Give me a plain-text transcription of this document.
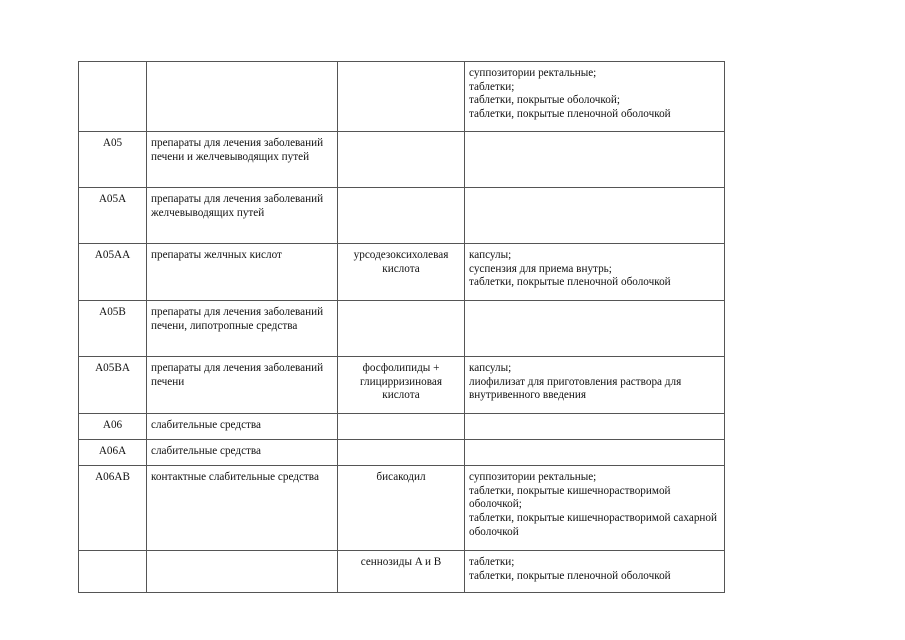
			суппозитории ректальные;
таблетки;
таблетки, покрытые оболочкой;
таблетки, покрытые пленочной оболочкой

A05	препараты для лечения заболеваний печени и желчевыводящих путей		

A05A	препараты для лечения заболеваний желчевыводящих путей		

A05AA	препараты желчных кислот	урсодезоксихолевая кислота	капсулы;
суспензия для приема внутрь;
таблетки, покрытые пленочной оболочкой

A05B	препараты для лечения заболеваний печени, липотропные средства		

A05BA	препараты для лечения заболеваний печени	фосфолипиды + глицирризиновая кислота	капсулы;
лиофилизат для приготовления раствора для внутривенного введения

A06	слабительные средства		

A06A	слабительные средства		

A06AB	контактные слабительные средства	бисакодил	суппозитории ректальные;
таблетки, покрытые кишечнорастворимой оболочкой;
таблетки, покрытые кишечнорастворимой сахарной оболочкой

		сеннозиды A и B	таблетки;
таблетки, покрытые пленочной оболочкой
